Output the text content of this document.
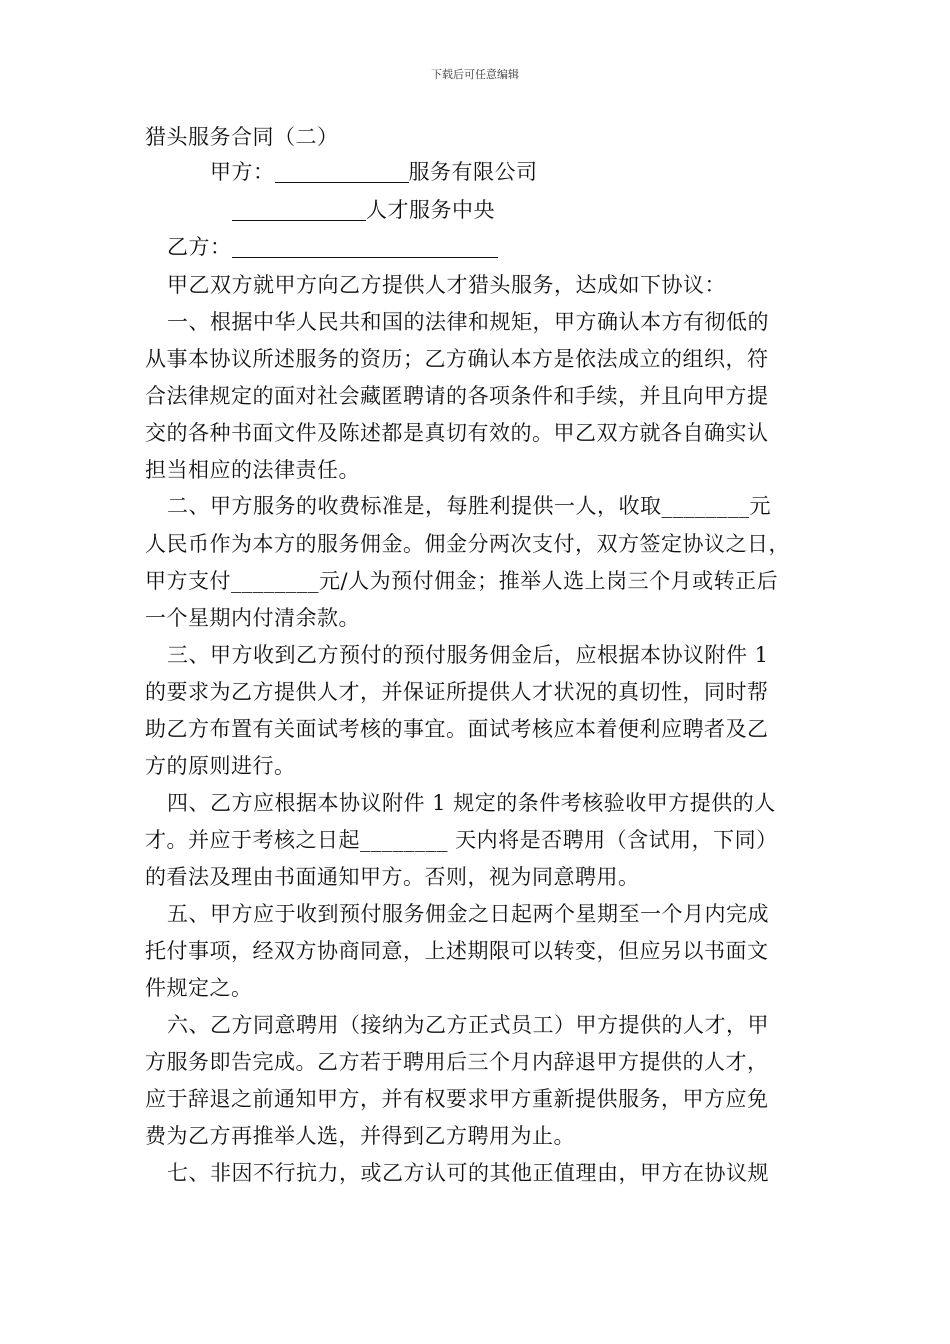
下载后可任意编辑
猎头服务合同（二）
甲方：	服务有限公司
人才服务中央
乙方：
甲乙双方就甲方向乙方提供人才猎头服务，达成如下协议：
一、根据中华人民共和国的法律和规矩，甲方确认本方有彻低的
从事本协议所述服务的资历；乙方确认本方是依法成立的组织，符
合法律规定的面对社会藏匿聘请的各项条件和手续，并且向甲方提
交的各种书面文件及陈述都是真切有效的。甲乙双方就各自确实认
担当相应的法律责任。
二、甲方服务的收费标准是，每胜利提供一人，收取________元
人民币作为本方的服务佣金。佣金分两次支付，双方签定协议之日，
甲方支付________元/人为预付佣金；推举人选上岗三个月或转正后
一个星期内付清余款。
三、甲方收到乙方预付的预付服务佣金后，应根据本协议附件 1
的要求为乙方提供人才，并保证所提供人才状况的真切性，同时帮
助乙方布置有关面试考核的事宜。面试考核应本着便利应聘者及乙
方的原则进行。
四、乙方应根据本协议附件 1 规定的条件考核验收甲方提供的人
才。并应于考核之日起________ 天内将是否聘用（含试用，下同）
的看法及理由书面通知甲方。否则，视为同意聘用。
五、甲方应于收到预付服务佣金之日起两个星期至一个月内完成
托付事项，经双方协商同意，上述期限可以转变，但应另以书面文
件规定之。
六、乙方同意聘用（接纳为乙方正式员工）甲方提供的人才，甲
方服务即告完成。乙方若于聘用后三个月内辞退甲方提供的人才，
应于辞退之前通知甲方，并有权要求甲方重新提供服务，甲方应免
费为乙方再推举人选，并得到乙方聘用为止。
七、非因不行抗力，或乙方认可的其他正值理由，甲方在协议规
